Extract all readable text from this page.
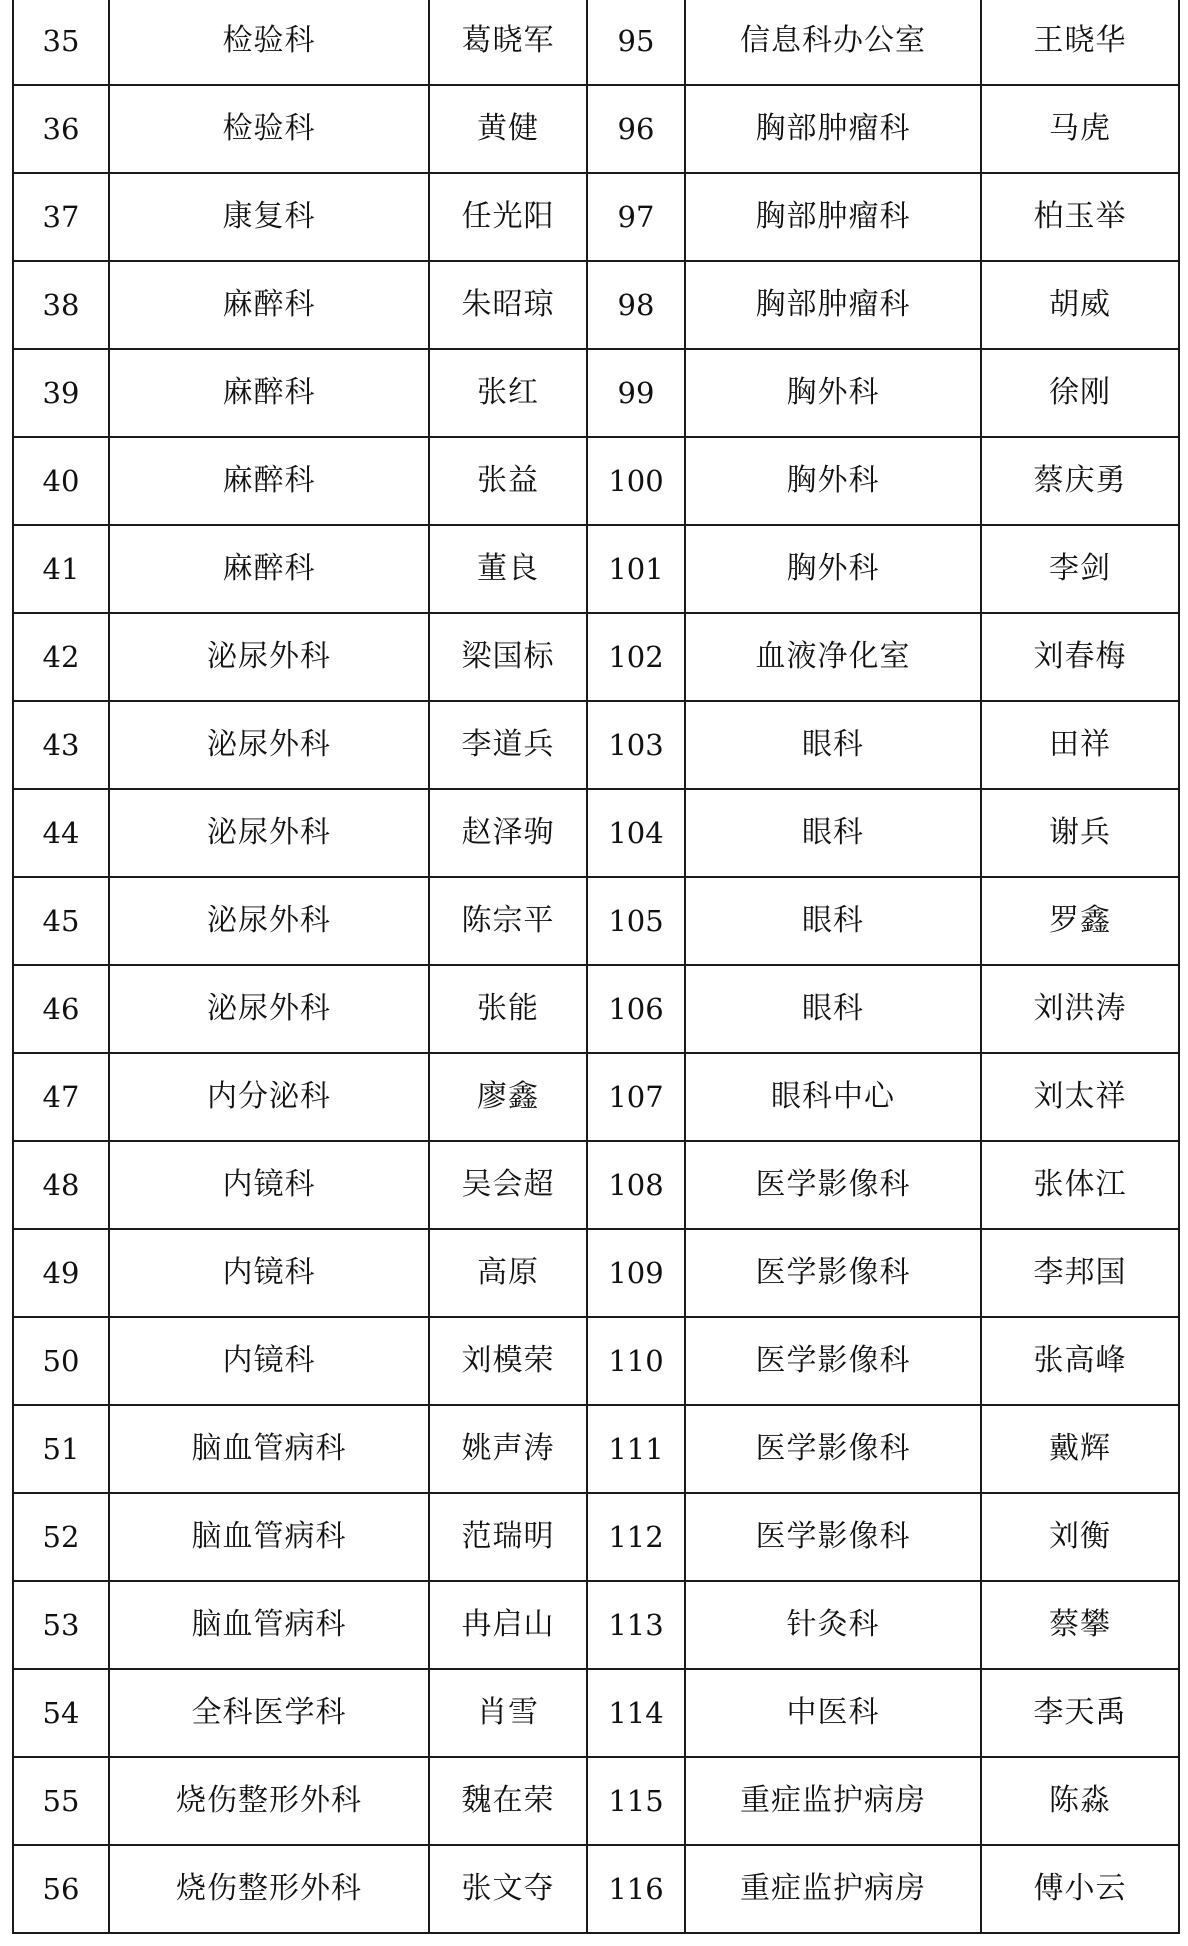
35	检验科	葛晓军	95	信息科办公室	王晓华
36	检验科	黄健	96	胸部肿瘤科	马虎
37	康复科	任光阳	97	胸部肿瘤科	柏玉举
38	麻醉科	朱昭琼	98	胸部肿瘤科	胡威
39	麻醉科	张红	99	胸外科	徐刚
40	麻醉科	张益	100	胸外科	蔡庆勇
41	麻醉科	董良	101	胸外科	李剑
42	泌尿外科	梁国标	102	血液净化室	刘春梅
43	泌尿外科	李道兵	103	眼科	田祥
44	泌尿外科	赵泽驹	104	眼科	谢兵
45	泌尿外科	陈宗平	105	眼科	罗鑫
46	泌尿外科	张能	106	眼科	刘洪涛
47	内分泌科	廖鑫	107	眼科中心	刘太祥
48	内镜科	吴会超	108	医学影像科	张体江
49	内镜科	高原	109	医学影像科	李邦国
50	内镜科	刘模荣	110	医学影像科	张高峰
51	脑血管病科	姚声涛	111	医学影像科	戴辉
52	脑血管病科	范瑞明	112	医学影像科	刘衡
53	脑血管病科	冉启山	113	针灸科	蔡攀
54	全科医学科	肖雪	114	中医科	李天禹
55	烧伤整形外科	魏在荣	115	重症监护病房	陈淼
56	烧伤整形外科	张文夺	116	重症监护病房	傅小云
